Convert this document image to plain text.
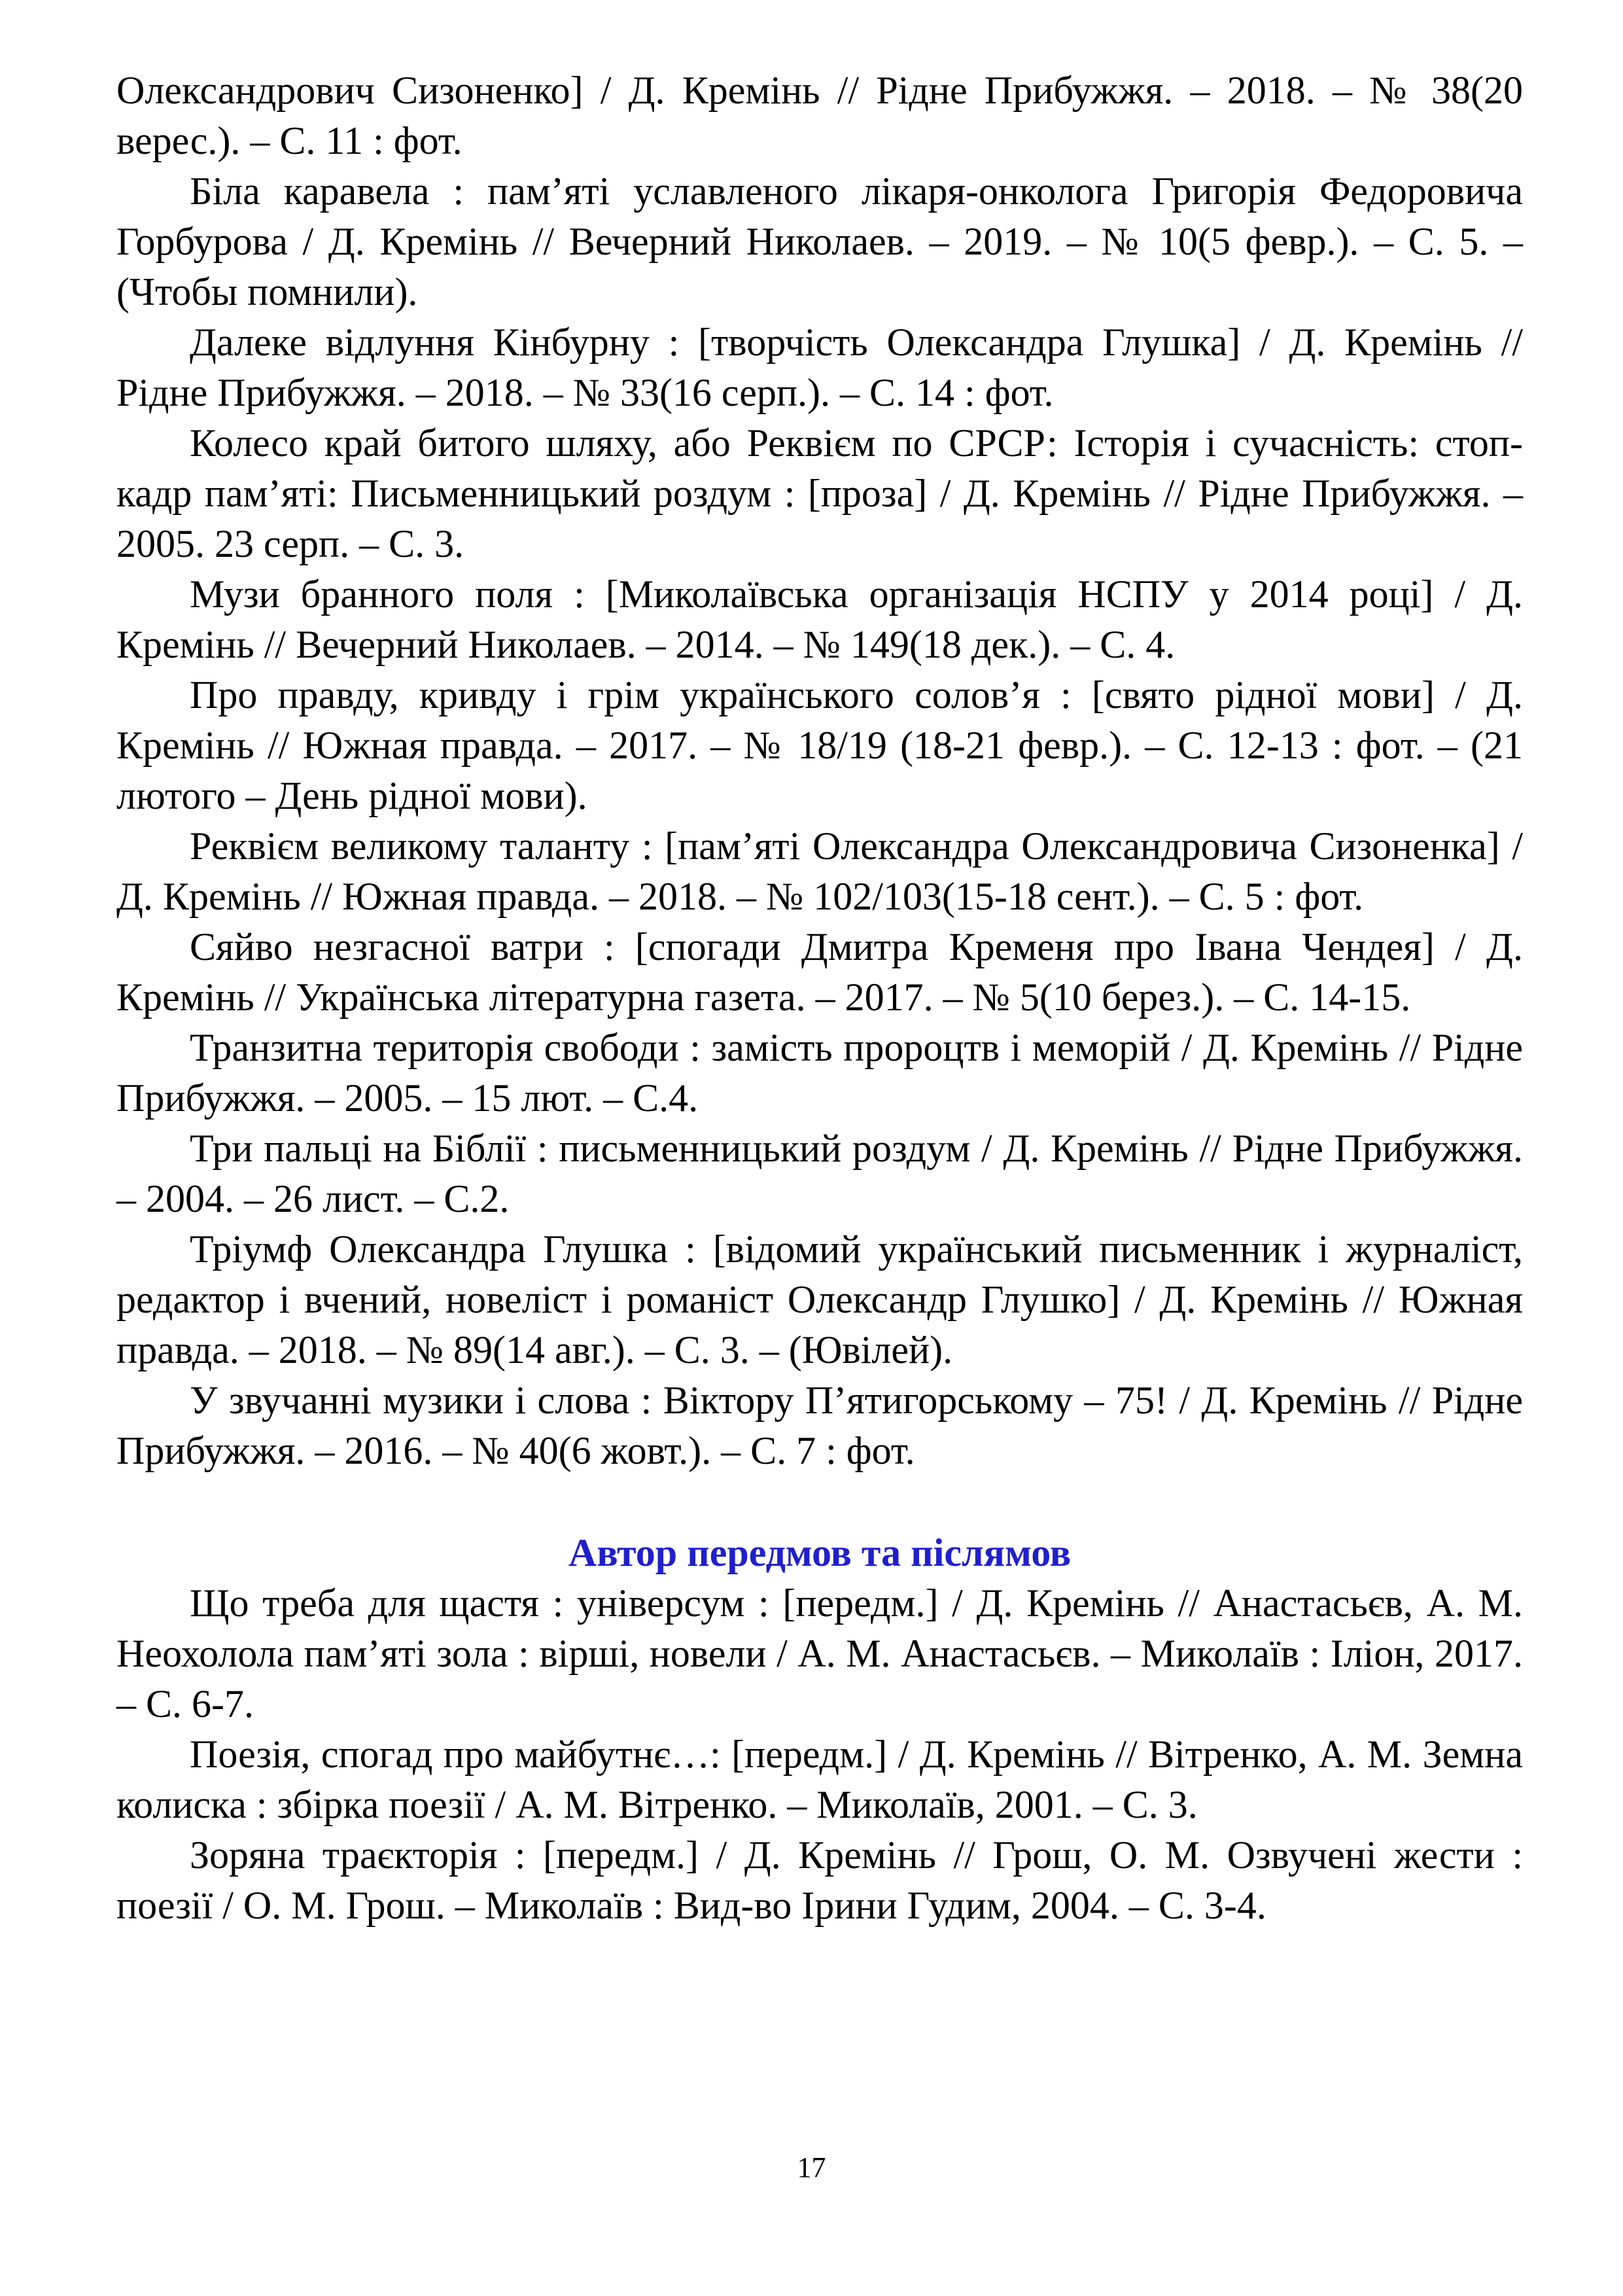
Олександрович Сизоненко] / Д. Кремінь // Рідне Прибужжя. – 2018. – № 38(20 верес.). – С. 11 : фот.

Біла каравела : пам’яті уславленого лікаря-онколога Григорія Федоровича Горбурова / Д. Кремінь // Вечерний Николаев. – 2019. – № 10(5 февр.). – С. 5. – (Чтобы помнили).

Далеке відлуння Кінбурну : [творчість Олександра Глушка] / Д. Кремінь // Рідне Прибужжя. – 2018. – № 33(16 серп.). – С. 14 : фот.

Колесо край битого шляху, або Реквієм по СРСР: Історія і сучасність: стоп-кадр пам’яті: Письменницький роздум : [проза] / Д. Кремінь // Рідне Прибужжя. – 2005. 23 серп. – С. 3.

Музи бранного поля : [Миколаївська організація НСПУ у 2014 році] / Д. Кремінь // Вечерний Николаев. – 2014. – № 149(18 дек.). – С. 4.

Про правду, кривду і грім українського солов’я : [свято рідної мови] / Д. Кремінь // Южная правда. – 2017. – № 18/19 (18-21 февр.). – С. 12-13 : фот. – (21 лютого – День рідної мови).

Реквієм великому таланту : [пам’яті Олександра Олександровича Сизоненка] / Д. Кремінь // Южная правда. – 2018. – № 102/103(15-18 сент.). – С. 5 : фот.

Сяйво незгасної ватри : [спогади Дмитра Кременя про Івана Чендея] / Д. Кремінь // Українська літературна газета. – 2017. – № 5(10 берез.). – С. 14-15.

Транзитна територія свободи : замість пророцтв і меморій / Д. Кремінь // Рідне Прибужжя. – 2005. – 15 лют. – С.4.

Три пальці на Біблії : письменницький роздум / Д. Кремінь // Рідне Прибужжя. – 2004. – 26 лист. – С.2.

Тріумф Олександра Глушка : [відомий український письменник і журналіст, редактор і вчений, новеліст і романіст Олександр Глушко] / Д. Кремінь // Южная правда. – 2018. – № 89(14 авг.). – С. 3. – (Ювілей).

У звучанні музики і слова : Віктору П’ятигорському – 75! / Д. Кремінь // Рідне Прибужжя. – 2016. – № 40(6 жовт.). – С. 7 : фот.

Автор передмов та післямов

Що треба для щастя : універсум : [передм.] / Д. Кремінь // Анастасьєв, А. М. Неохолола пам’яті зола : вірші, новели / А. М. Анастасьєв. – Миколаїв : Іліон, 2017. – С. 6-7.

Поезія, спогад про майбутнє…: [передм.] / Д. Кремінь // Вітренко, А. М. Земна колиска : збірка поезії / А. М. Вітренко. – Миколаїв, 2001. – С. 3.

Зоряна траєкторія : [передм.] / Д. Кремінь // Грош, О. М. Озвучені жести : поезії / О. М. Грош. – Миколаїв : Вид-во Ірини Гудим, 2004. – С. 3-4.

17
